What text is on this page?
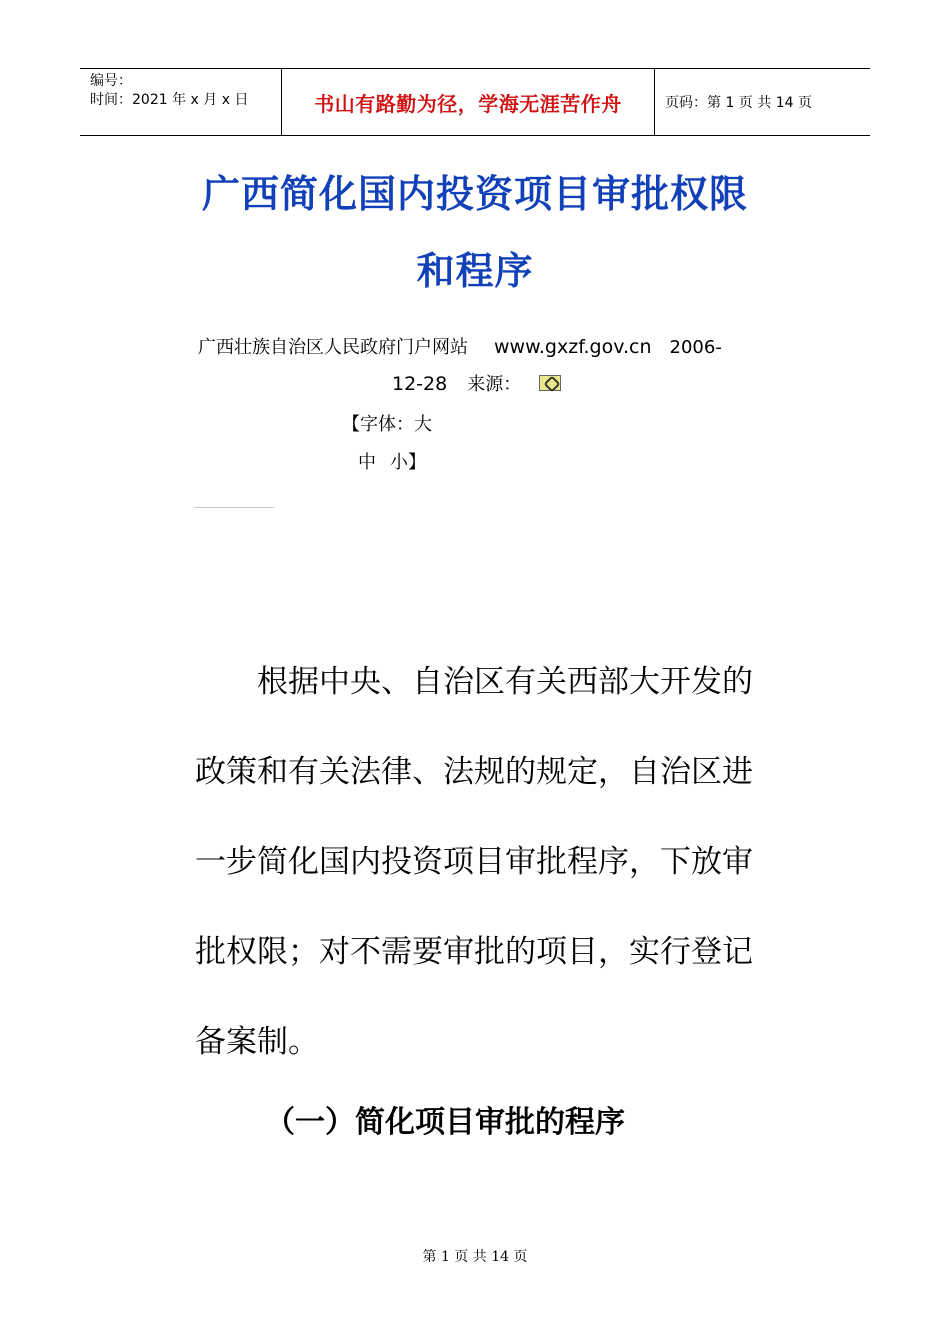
编号：
时间：2021 年 x 月 x 日	书山有路勤为径，学海无涯苦作舟	页码：第 1 页 共 14 页
广西简化国内投资项目审批权限
和程序
广西壮族自治区人民政府门户网站 www.gxzf.gov.cn 2006-
12-28 来源：
【字体：大
中 小】
根据中央、自治区有关西部大开发的
政策和有关法律、法规的规定，自治区进
一步简化国内投资项目审批程序，下放审
批权限；对不需要审批的项目，实行登记
备案制。
（一）简化项目审批的程序
第 1 页 共 14 页
